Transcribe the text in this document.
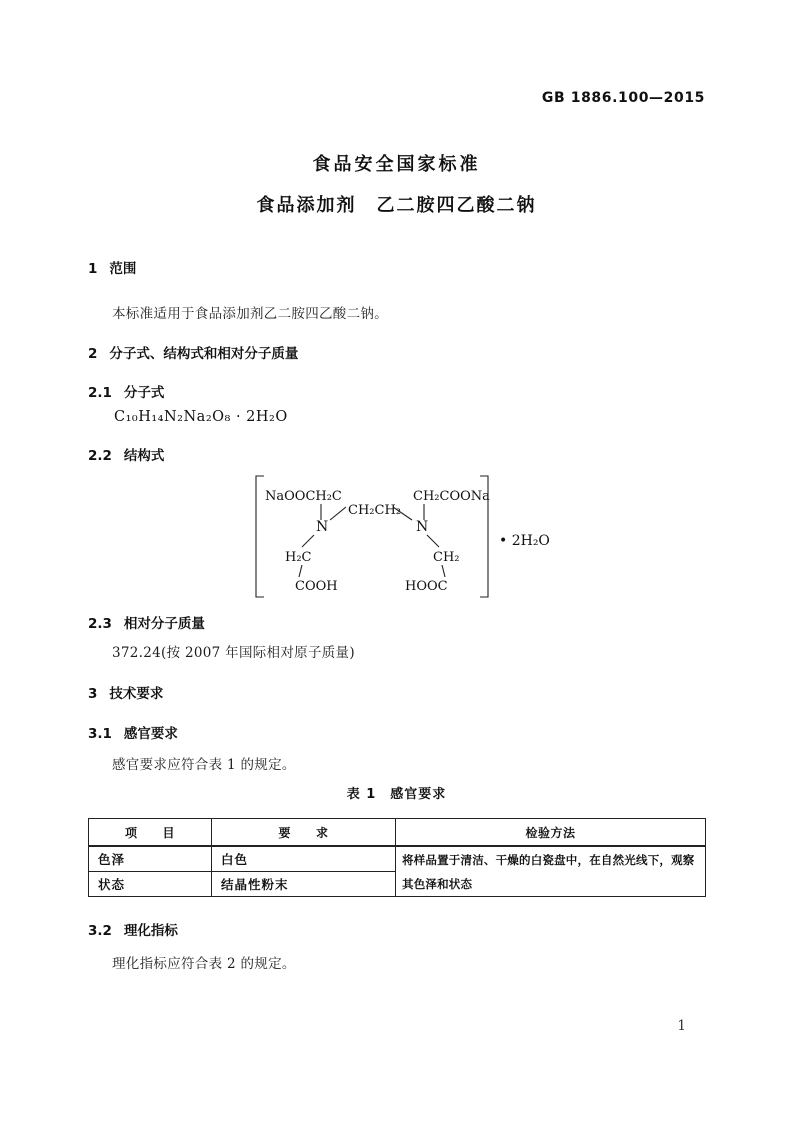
GB 1886.100—2015
食品安全国家标准
食品添加剂　乙二胺四乙酸二钠
1 范围
本标准适用于食品添加剂乙二胺四乙酸二钠。
2 分子式、结构式和相对分子质量
2.1 分子式
C₁₀H₁₄N₂Na₂O₈ · 2H₂O
2.2 结构式
NaOOCH₂C
CH₂CH₂
CH₂COONa
N	N
H₂C
COOH
CH₂
HOOC
• 2H₂O
2.3 相对分子质量
372.24(按 2007 年国际相对原子质量)
3 技术要求
3.1 感官要求
感官要求应符合表 1 的规定。
表 1　感官要求
项　　目	要　　求	检验方法
色泽	白色	将样品置于清洁、干燥的白瓷盘中，在自然光线下，观察其色泽和状态
状态	结晶性粉末	
3.2 理化指标
理化指标应符合表 2 的规定。
1
